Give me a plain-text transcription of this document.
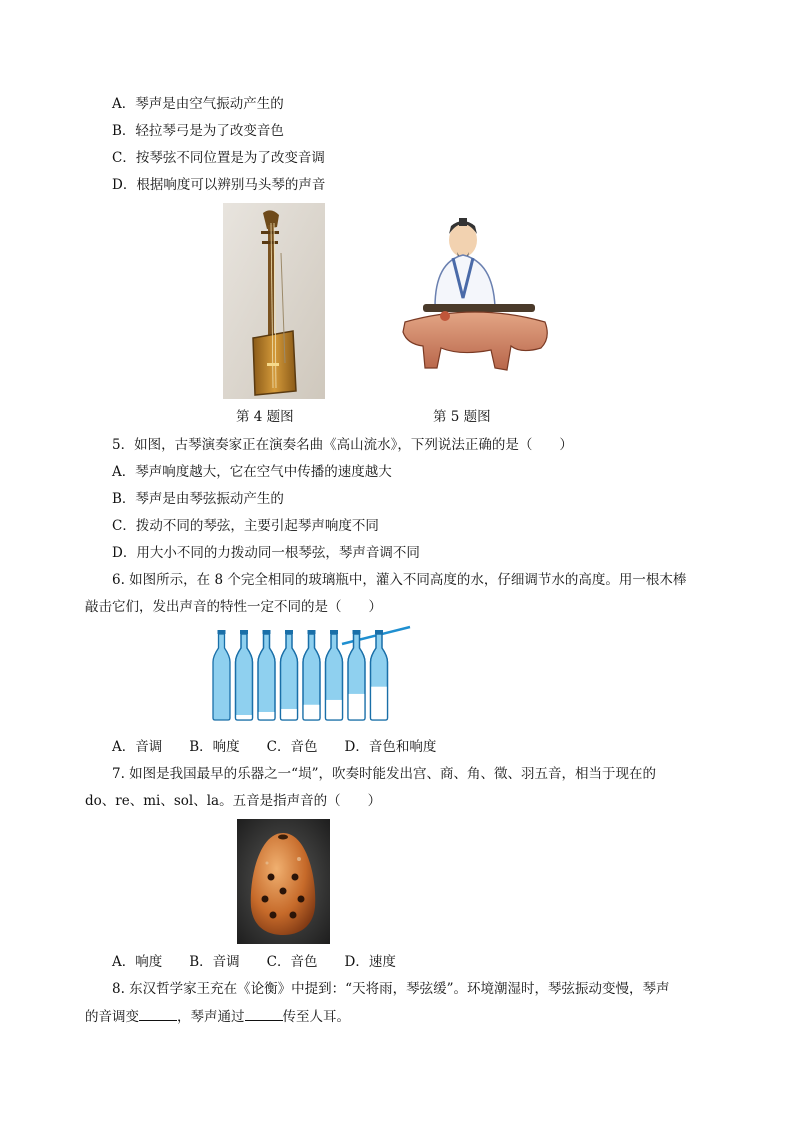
A．琴声是由空气振动产生的
B．轻拉琴弓是为了改变音色
C．按琴弦不同位置是为了改变音调
D．根据响度可以辨别马头琴的声音
第 4 题图	第 5 题图
5．如图，古琴演奏家正在演奏名曲《高山流水》，下列说法正确的是（　　）
A．琴声响度越大，它在空气中传播的速度越大
B．琴声是由琴弦振动产生的
C．拨动不同的琴弦，主要引起琴声响度不同
D．用大小不同的力拨动同一根琴弦，琴声音调不同
6. 如图所示，在 8 个完全相同的玻璃瓶中，灌入不同高度的水，仔细调节水的高度。用一根木棒
敲击它们，发出声音的特性一定不同的是（　　）
A．音调　　B．响度　　C．音色　　D．音色和响度
7. 如图是我国最早的乐器之一“埙”，吹奏时能发出宫、商、角、徵、羽五音，相当于现在的
do、re、mi、sol、la。五音是指声音的（　　）
A．响度　　B．音调　　C．音色　　D．速度
8. 东汉哲学家王充在《论衡》中提到：“天将雨，琴弦缓”。环境潮湿时，琴弦振动变慢，琴声
的音调变	，琴声通过	传至人耳。
